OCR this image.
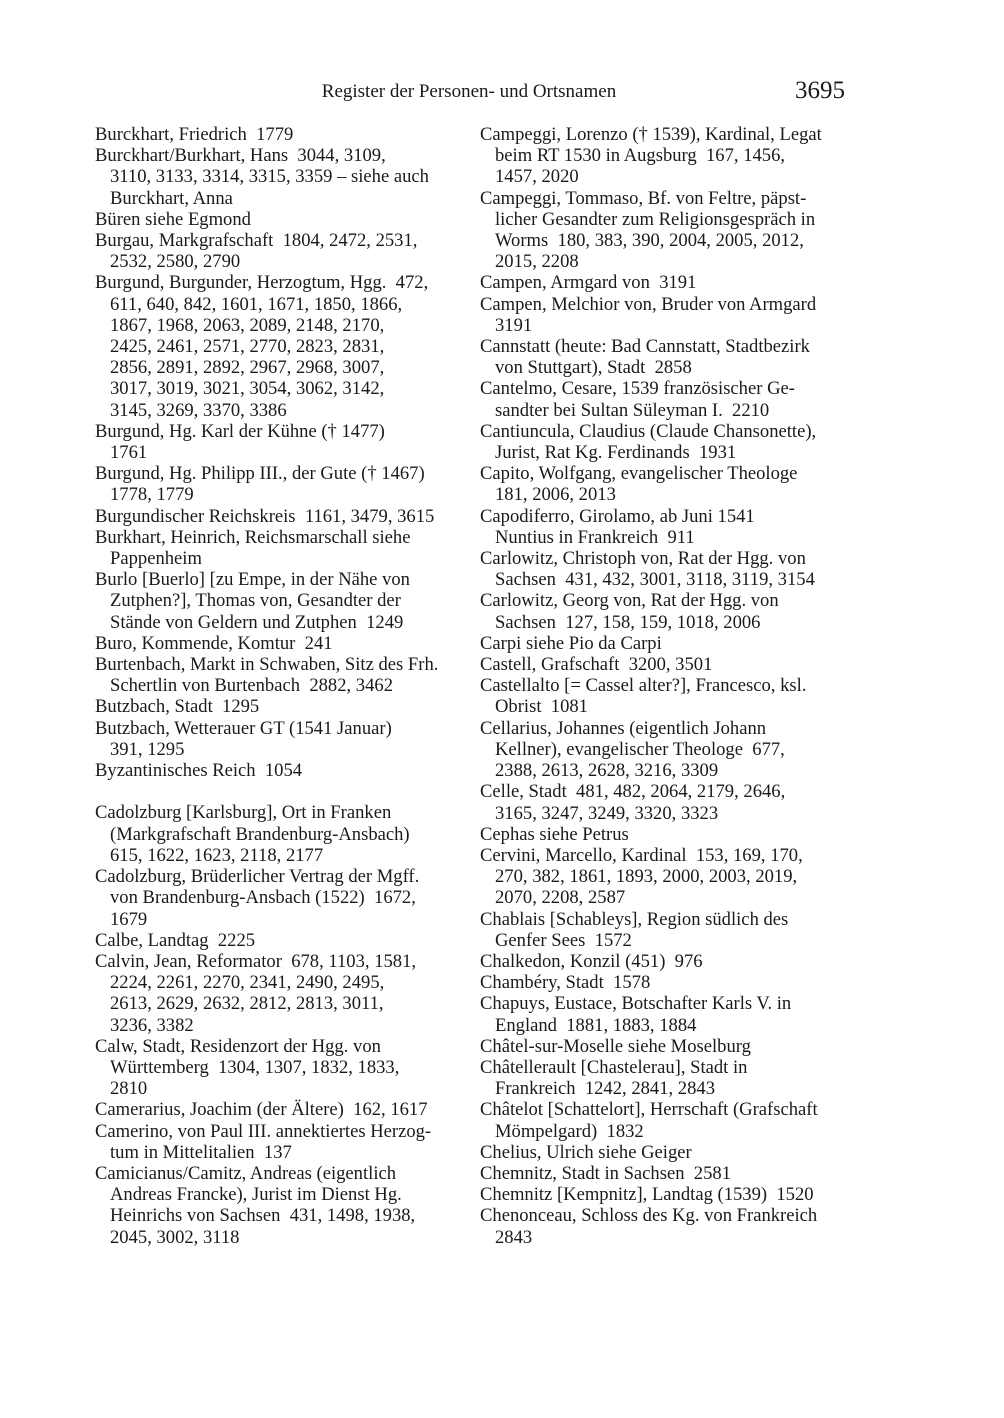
Register der Personen- und Ortsnamen	3695
Burckhart, Friedrich  1779
Burckhart/Burkhart, Hans  3044, 3109,
3110, 3133, 3314, 3315, 3359 – siehe auch
Burckhart, Anna
Büren siehe Egmond
Burgau, Markgrafschaft  1804, 2472, 2531,
2532, 2580, 2790
Burgund, Burgunder, Herzogtum, Hgg.  472,
611, 640, 842, 1601, 1671, 1850, 1866,
1867, 1968, 2063, 2089, 2148, 2170,
2425, 2461, 2571, 2770, 2823, 2831,
2856, 2891, 2892, 2967, 2968, 3007,
3017, 3019, 3021, 3054, 3062, 3142,
3145, 3269, 3370, 3386
Burgund, Hg. Karl der Kühne († 1477)
1761
Burgund, Hg. Philipp III., der Gute († 1467)
1778, 1779
Burgundischer Reichskreis  1161, 3479, 3615
Burkhart, Heinrich, Reichsmarschall siehe
Pappenheim
Burlo [Buerlo] [zu Empe, in der Nähe von
Zutphen?], Thomas von, Gesandter der
Stände von Geldern und Zutphen  1249
Buro, Kommende, Komtur  241
Burtenbach, Markt in Schwaben, Sitz des Frh.
Schertlin von Burtenbach  2882, 3462
Butzbach, Stadt  1295
Butzbach, Wetterauer GT (1541 Januar)
391, 1295
Byzantinisches Reich  1054
Cadolzburg [Karlsburg], Ort in Franken
(Markgrafschaft Brandenburg-Ansbach)
615, 1622, 1623, 2118, 2177
Cadolzburg, Brüderlicher Vertrag der Mgff.
von Brandenburg-Ansbach (1522)  1672,
1679
Calbe, Landtag  2225
Calvin, Jean, Reformator  678, 1103, 1581,
2224, 2261, 2270, 2341, 2490, 2495,
2613, 2629, 2632, 2812, 2813, 3011,
3236, 3382
Calw, Stadt, Residenzort der Hgg. von
Württemberg  1304, 1307, 1832, 1833,
2810
Camerarius, Joachim (der Ältere)  162, 1617
Camerino, von Paul III. annektiertes Herzog-
tum in Mittelitalien  137
Camicianus/Camitz, Andreas (eigentlich
Andreas Francke), Jurist im Dienst Hg.
Heinrichs von Sachsen  431, 1498, 1938,
2045, 3002, 3118
Campeggi, Lorenzo († 1539), Kardinal, Legat
beim RT 1530 in Augsburg  167, 1456,
1457, 2020
Campeggi, Tommaso, Bf. von Feltre, päpst-
licher Gesandter zum Religionsgespräch in
Worms  180, 383, 390, 2004, 2005, 2012,
2015, 2208
Campen, Armgard von  3191
Campen, Melchior von, Bruder von Armgard
3191
Cannstatt (heute: Bad Cannstatt, Stadtbezirk
von Stuttgart), Stadt  2858
Cantelmo, Cesare, 1539 französischer Ge-
sandter bei Sultan Süleyman I.  2210
Cantiuncula, Claudius (Claude Chansonette),
Jurist, Rat Kg. Ferdinands  1931
Capito, Wolfgang, evangelischer Theologe
181, 2006, 2013
Capodiferro, Girolamo, ab Juni 1541
Nuntius in Frankreich  911
Carlowitz, Christoph von, Rat der Hgg. von
Sachsen  431, 432, 3001, 3118, 3119, 3154
Carlowitz, Georg von, Rat der Hgg. von
Sachsen  127, 158, 159, 1018, 2006
Carpi siehe Pio da Carpi
Castell, Grafschaft  3200, 3501
Castellalto [= Cassel alter?], Francesco, ksl.
Obrist  1081
Cellarius, Johannes (eigentlich Johann
Kellner), evangelischer Theologe  677,
2388, 2613, 2628, 3216, 3309
Celle, Stadt  481, 482, 2064, 2179, 2646,
3165, 3247, 3249, 3320, 3323
Cephas siehe Petrus
Cervini, Marcello, Kardinal  153, 169, 170,
270, 382, 1861, 1893, 2000, 2003, 2019,
2070, 2208, 2587
Chablais [Schableys], Region südlich des
Genfer Sees  1572
Chalkedon, Konzil (451)  976
Chambéry, Stadt  1578
Chapuys, Eustace, Botschafter Karls V. in
England  1881, 1883, 1884
Châtel-sur-Moselle siehe Moselburg
Châtellerault [Chastelerau], Stadt in
Frankreich  1242, 2841, 2843
Châtelot [Schattelort], Herrschaft (Grafschaft
Mömpelgard)  1832
Chelius, Ulrich siehe Geiger
Chemnitz, Stadt in Sachsen  2581
Chemnitz [Kempnitz], Landtag (1539)  1520
Chenonceau, Schloss des Kg. von Frankreich
2843
